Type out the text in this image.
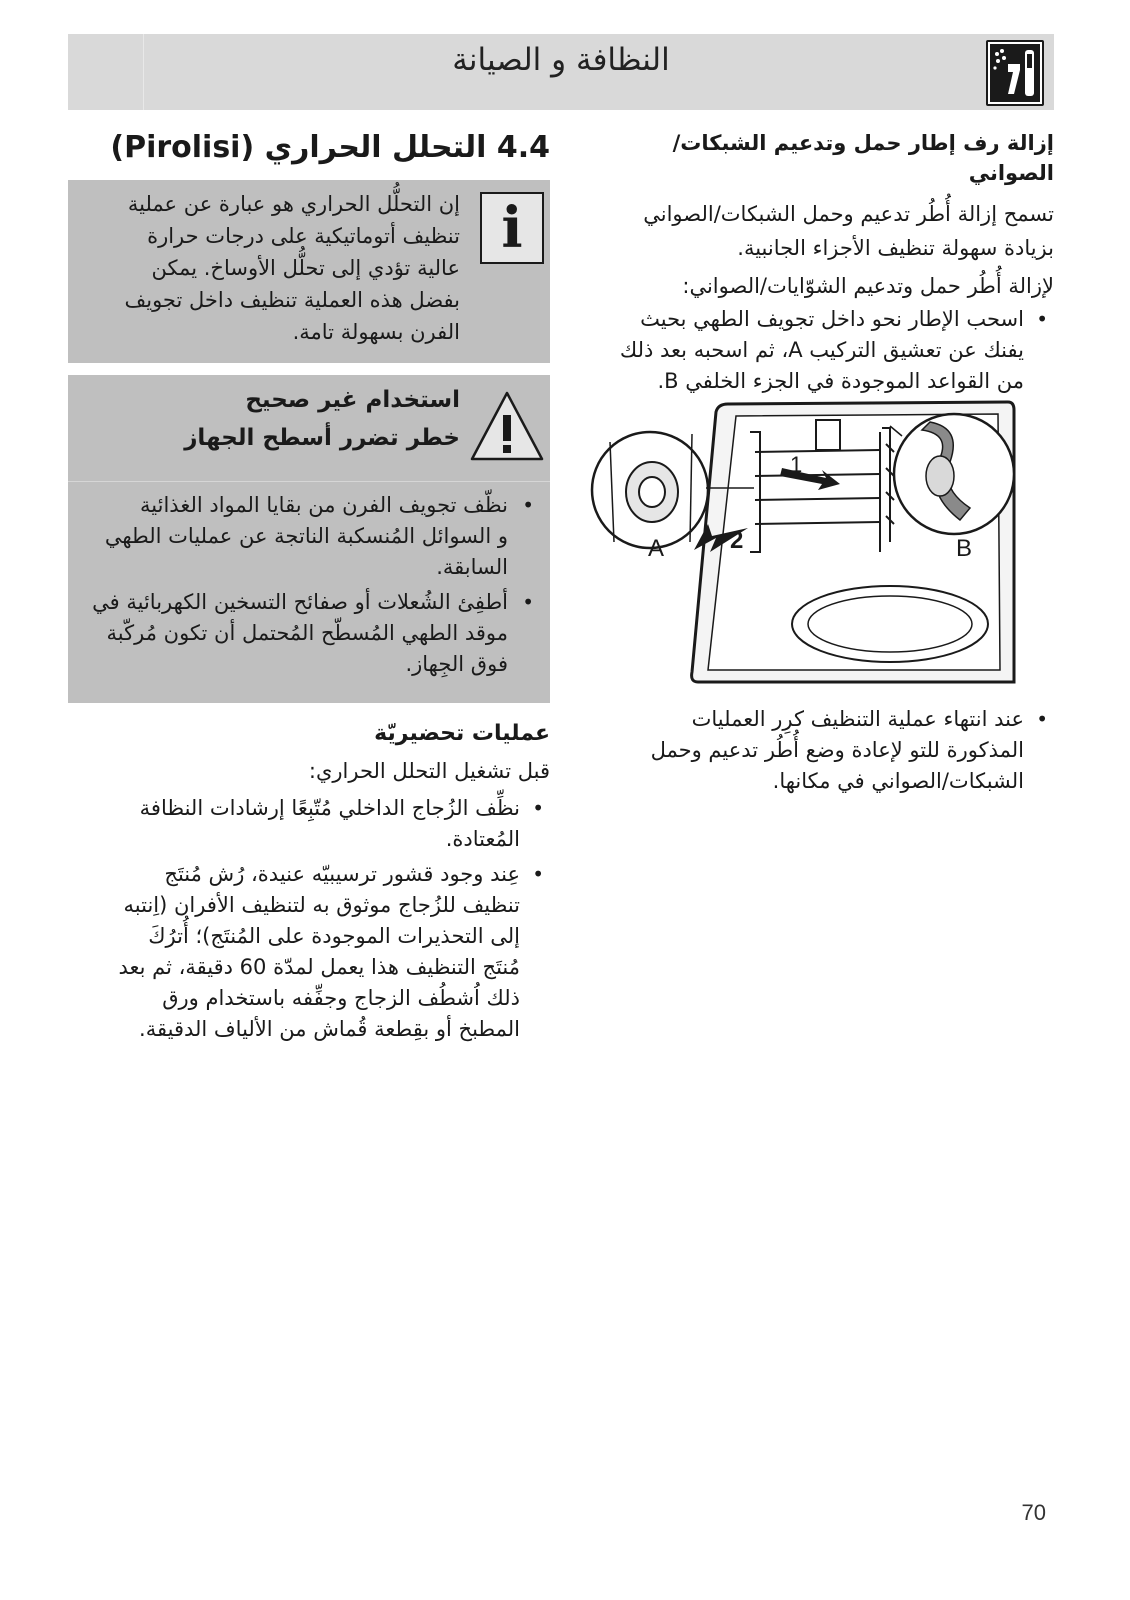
النظافة و الصيانة
إزالة رف إطار حمل وتدعيم الشبكات/الصواني
تسمح إزالة أُطُر تدعيم وحمل الشبكات/الصواني
بزيادة سهولة تنظيف الأجزاء الجانبية.
لإزالة أُطُر حمل وتدعيم الشوّايات/الصواني:
• اسحب الإطار نحو داخل تجويف الطهي بحيث
يفنك عن تعشيق التركيب A، ثم اسحبه بعد ذلك
من القواعد الموجودة في الجزء الخلفي B.
1
2
A	B
• عند انتهاء عملية التنظيف كرِر العمليات
المذكورة للتو لإعادة وضع أُطُر تدعيم وحمل
الشبكات/الصواني في مكانها.
4.4 التحلل الحراري (Pirolisi)
i
إن التحلُّل الحراري هو عبارة عن عملية
تنظيف أتوماتيكية على درجات حرارة
عالية تؤدي إلى تحلُّل الأوساخ. يمكن
بفضل هذه العملية تنظيف داخل تجويف
الفرن بسهولة تامة.
استخدام غير صحيح
خطر تضرر أسطح الجهاز
• نظّف تجويف الفرن من بقايا المواد الغذائية
و السوائل المُنسكبة الناتجة عن عمليات الطهي
السابقة.
• أطفِئ الشُعلات أو صفائح التسخين الكهربائية في
موقد الطهي المُسطّح المُحتمل أن تكون مُركّبة
فوق الجِهاز.
عمليات تحضيريّة
قبل تشغيل التحلل الحراري:
• نظِّف الزُجاج الداخلي مُتّبِعًا إرشادات النظافة
المُعتادة.
• عِند وجود قشور ترسيبيّه عنيدة، رُش مُنتَج
تنظيف للزُجاج موثوق به لتنظيف الأفران (اِنتبه
إلى التحذيرات الموجودة على المُنتَج)؛ أُترُكَ
مُنتَج التنظيف هذا يعمل لمدّة 60 دقيقة، ثم بعد
ذلك اُشطُف الزجاج وجفِّفه باستخدام ورق
المطبخ أو بقِطعة قُماش من الألياف الدقيقة.
70
